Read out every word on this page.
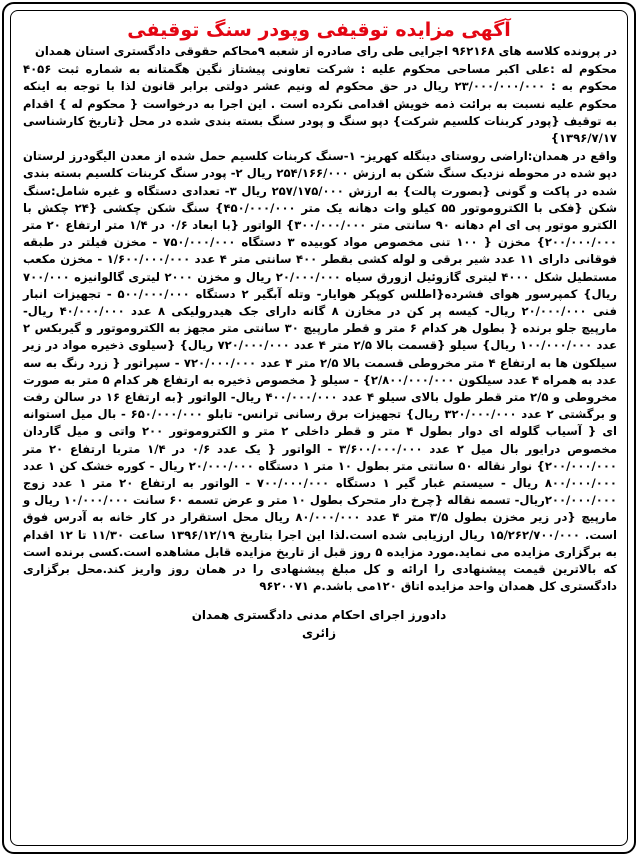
آگهی مزایده توقیفی وپودر سنگ توقیفی

در پرونده کلاسه های ۹۶۲۱۶۸ اجرایی طی رای صادره از شعبه ۹محاکم حقوقی دادگستری استان همدان

محکوم له :علی اکبر مساحی محکوم علیه : شرکت تعاونی پیشتاز نگین هگمتانه به شماره ثبت ۴۰۵۶ محکوم به : ۲۳/۰۰۰/۰۰۰/۰۰۰ ریال در حق محکوم له ونیم عشر دولتی برابر قانون لذا با توجه به اینکه محکوم علیه نسبت به برائت ذمه خویش اقدامی نکرده است . این اجرا به درخواست { محکوم له } اقدام به توقیف {پودر کربنات کلسیم شرکت} دپو سنگ و پودر سنگ بسته بندی شده در محل {تاریخ کارشناسی ۱۳۹۶/۷/۱۷}

واقع در همدان:اراضی روستای دینگله کهریز- ۱-سنگ کربنات کلسیم حمل شده از معدن الیگودرز لرستان دپو شده در محوطه نزدیک سنگ شکن به ارزش ۲۵۴/۱۶۶/۰۰۰ ریال ۲- پودر سنگ کربنات کلسیم بسته بندی شده در پاکت و گونی {بصورت پالت} به ارزش ۲۵۷/۱۷۵/۰۰۰ ریال ۳- تعدادی دستگاه و غیره شامل:سنگ شکن {فکی با الکتروموتور ۵۵ کیلو وات دهانه یک متر ۴۵۰/۰۰۰/۰۰۰} سنگ شکن چکشی {۲۴ چکش با الکترو موتور پی ای ام دهانه ۹۰ سانتی متر ۳۰۰/۰۰۰/۰۰۰} الواتور {با ابعاد ۰/۶ در ۱/۴ متر ارتفاع ۲۰ متر ۲۰۰/۰۰۰/۰۰۰} مخزن { ۱۰۰ تنی مخصوص مواد کوبیده ۳ دستگاه ۷۵۰/۰۰۰/۰۰۰ - مخزن فیلتر در طبقه فوقانی دارای ۱۱ عدد شیر برقی و لوله کشی بقطر ۴۰۰ سانتی متر ۴ عدد ۱/۶۰۰/۰۰۰/۰۰۰ - مخزن مکعب مستطیل شکل ۴۰۰۰ لیتری گازوئیل ازورق سیاه ۲۰/۰۰۰/۰۰۰ ریال و مخزن ۲۰۰۰ لیتری گالوانیزه ۷۰۰/۰۰۰ ریال} کمپرسور هوای فشرده{اطلس کوپکر هوایار- وتله آبگیر ۲ دستگاه ۵۰۰/۰۰۰/۰۰۰ - تجهیزات انبار فنی ۲۰/۰۰۰/۰۰۰ ریال- کیسه پر کن در مخازن ۸ گانه دارای جک هیدرولیکی ۸ عدد ۴۰/۰۰۰/۰۰۰ ریال- مارپیچ جلو برنده { بطول هر کدام ۶ متر و قطر مارپیچ ۳۰ سانتی متر مجهز به الکتروموتور و گیربکس ۲ عدد ۱۰۰/۰۰۰/۰۰۰ ریال} سیلو {قسمت بالا ۲/۵ متر ۴ عدد ۷۲۰/۰۰۰/۰۰۰ ریال} {سیلوی ذخیره مواد در زیر سیلکون ها به ارتفاع ۴ متر مخروطی قسمت بالا ۲/۵ متر ۴ عدد ۷۲۰/۰۰۰/۰۰۰ - سپراتور { زرد رنگ به سه عدد به همراه ۴ عدد سیلکون ۲/۸۰۰/۰۰۰/۰۰۰} - سیلو { مخصوص ذخیره به ارتفاع هر کدام ۵ متر به صورت مخروطی و ۲/۵ متر قطر طول بالای سیلو ۴ عدد ۴۰۰/۰۰۰/۰۰۰ ریال- الواتور {به ارتفاع ۱۶ در سالن رفت و برگشتی ۲ عدد ۳۲۰/۰۰۰/۰۰۰ ریال} تجهیزات برق رسانی ترانس- تابلو ۶۵۰/۰۰۰/۰۰۰ - بال میل استوانه ای { آسیاب گلوله ای دوار بطول ۴ متر و قطر داخلی ۲ متر و الکتروموتور ۲۰۰ واتی و میل گاردان مخصوص درایور بال میل ۲ عدد ۳/۶۰۰/۰۰۰/۰۰۰ - الواتور { یک عدد ۰/۶ در ۱/۴ متربا ارتفاع ۲۰ متر ۲۰۰/۰۰۰/۰۰۰} نوار نقاله ۵۰ سانتی متر بطول ۱۰ متر ۱ دستگاه ۲۰/۰۰۰/۰۰۰ ریال - کوره خشک کن ۱ عدد ۸۰۰/۰۰۰/۰۰۰ ریال - سیستم غبار گیر ۱ دستگاه ۷۰۰/۰۰۰/۰۰۰ - الواتور به ارتفاع ۲۰ متر ۱ عدد زوج ۲۰۰/۰۰۰/۰۰۰ریال- تسمه نقاله {چرخ دار متحرک بطول ۱۰ متر و عرض تسمه ۶۰ سانت ۱۰/۰۰۰/۰۰۰ ریال و مارپیچ {در زیر مخزن بطول ۳/۵ متر ۴ عدد ۸۰/۰۰۰/۰۰۰ ریال محل استقرار در کار خانه به آدرس فوق است. ۱۵/۲۶۲/۷۰۰/۰۰۰ ریال ارزیابی شده است.لذا این اجرا بتاریخ ۱۳۹۶/۱۲/۱۹ ساعت ۱۱/۳۰ تا ۱۲ اقدام به برگزاری مزایده می نماید.مورد مزایده ۵ روز قبل از تاریخ مزایده قابل مشاهده است.کسی برنده است که بالاترین قیمت پیشنهادی را ارائه و کل مبلغ پیشنهادی را در همان روز واریز کند.محل برگزاری دادگستری کل همدان واحد مزایده اتاق ۱۲۰می باشد.م ۹۶۲۰۰۷۱

دادورز اجرای احکام مدنی دادگستری همدان
زائری
